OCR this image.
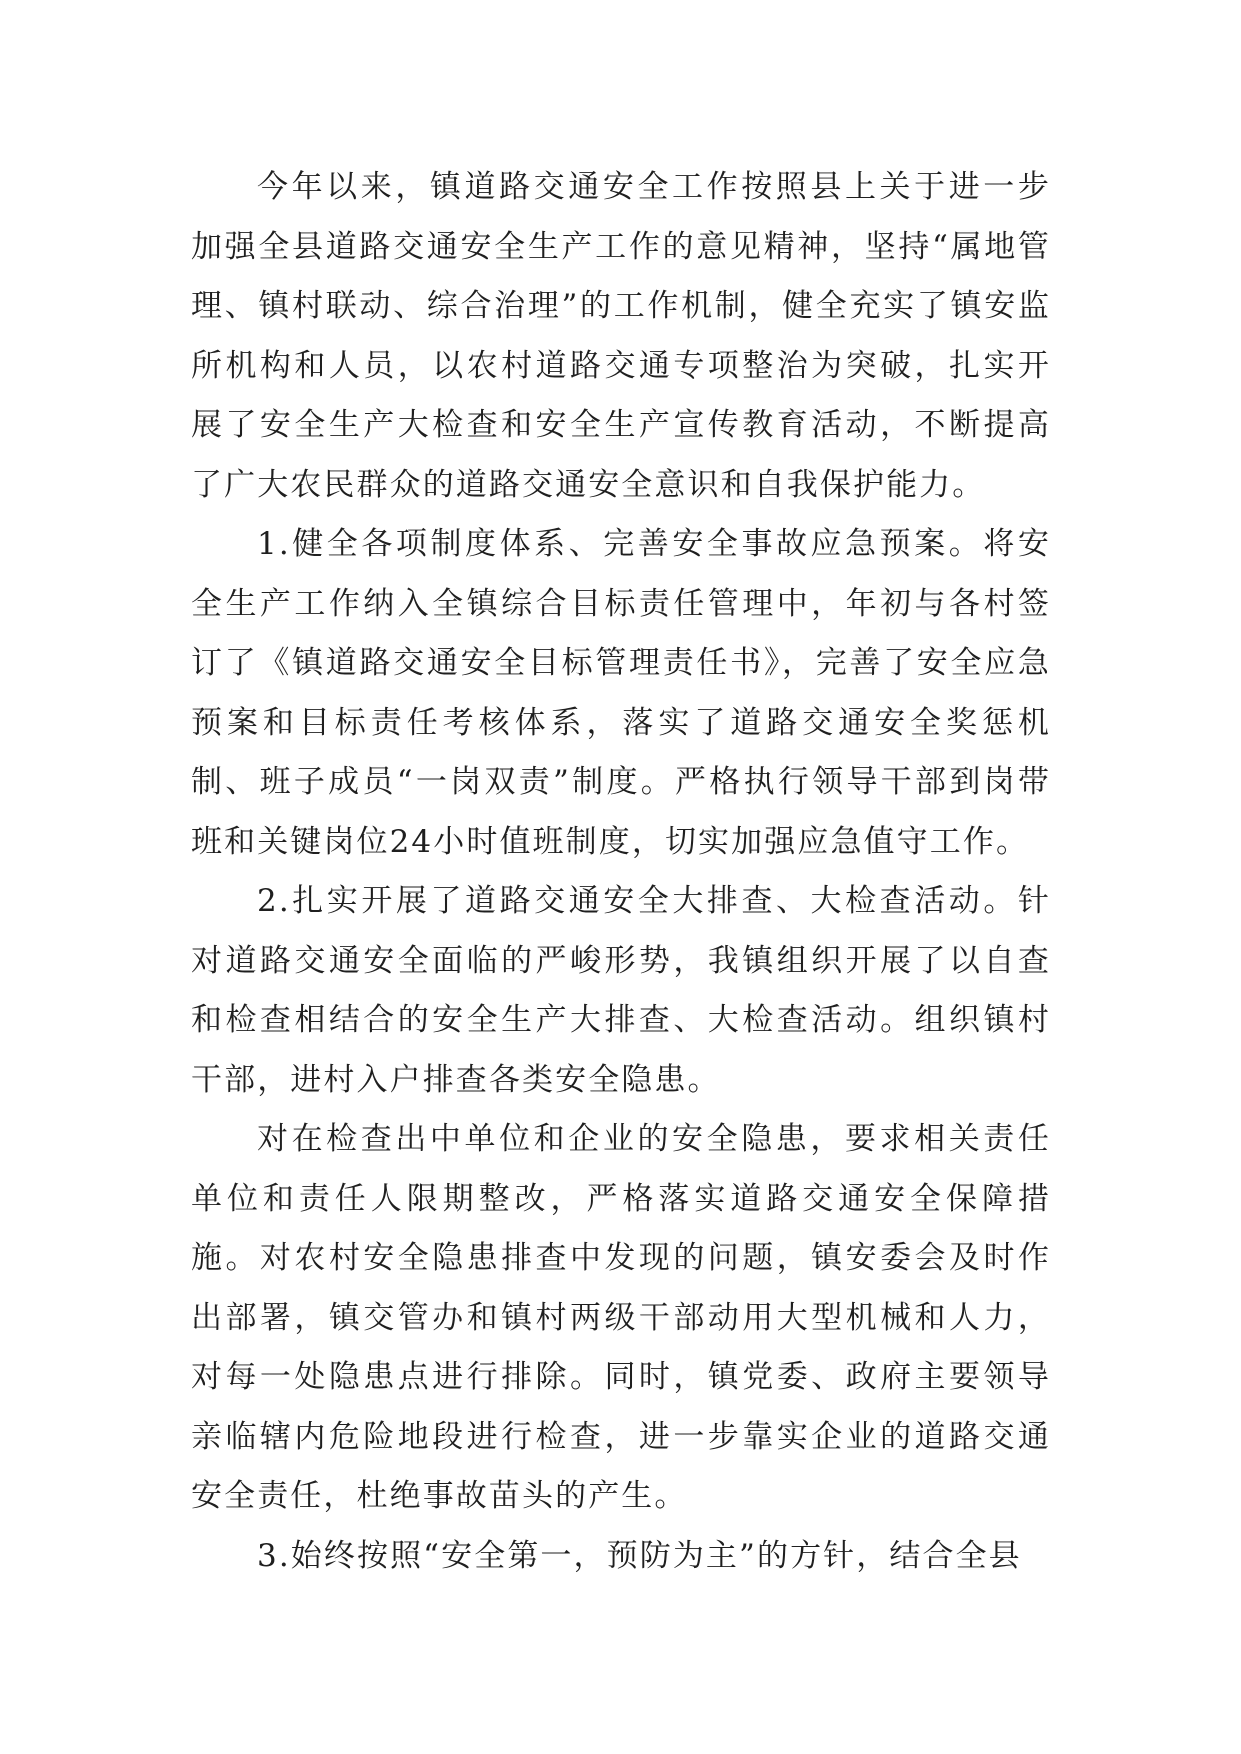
今年以来，镇道路交通安全工作按照县上关于进一步加强全县道路交通安全生产工作的意见精神，坚持“属地管理、镇村联动、综合治理”的工作机制，健全充实了镇安监所机构和人员，以农村道路交通专项整治为突破，扎实开展了安全生产大检查和安全生产宣传教育活动，不断提高了广大农民群众的道路交通安全意识和自我保护能力。

1.健全各项制度体系、完善安全事故应急预案。将安全生产工作纳入全镇综合目标责任管理中，年初与各村签订了《镇道路交通安全目标管理责任书》，完善了安全应急预案和目标责任考核体系，落实了道路交通安全奖惩机制、班子成员“一岗双责”制度。严格执行领导干部到岗带班和关键岗位24小时值班制度，切实加强应急值守工作。

2.扎实开展了道路交通安全大排查、大检查活动。针对道路交通安全面临的严峻形势，我镇组织开展了以自查和检查相结合的安全生产大排查、大检查活动。组织镇村干部，进村入户排查各类安全隐患。

对在检查出中单位和企业的安全隐患，要求相关责任单位和责任人限期整改，严格落实道路交通安全保障措施。对农村安全隐患排查中发现的问题，镇安委会及时作出部署，镇交管办和镇村两级干部动用大型机械和人力，对每一处隐患点进行排除。同时，镇党委、政府主要领导亲临辖内危险地段进行检查，进一步靠实企业的道路交通安全责任，杜绝事故苗头的产生。

3.始终按照“安全第一，预防为主”的方针，结合全县
